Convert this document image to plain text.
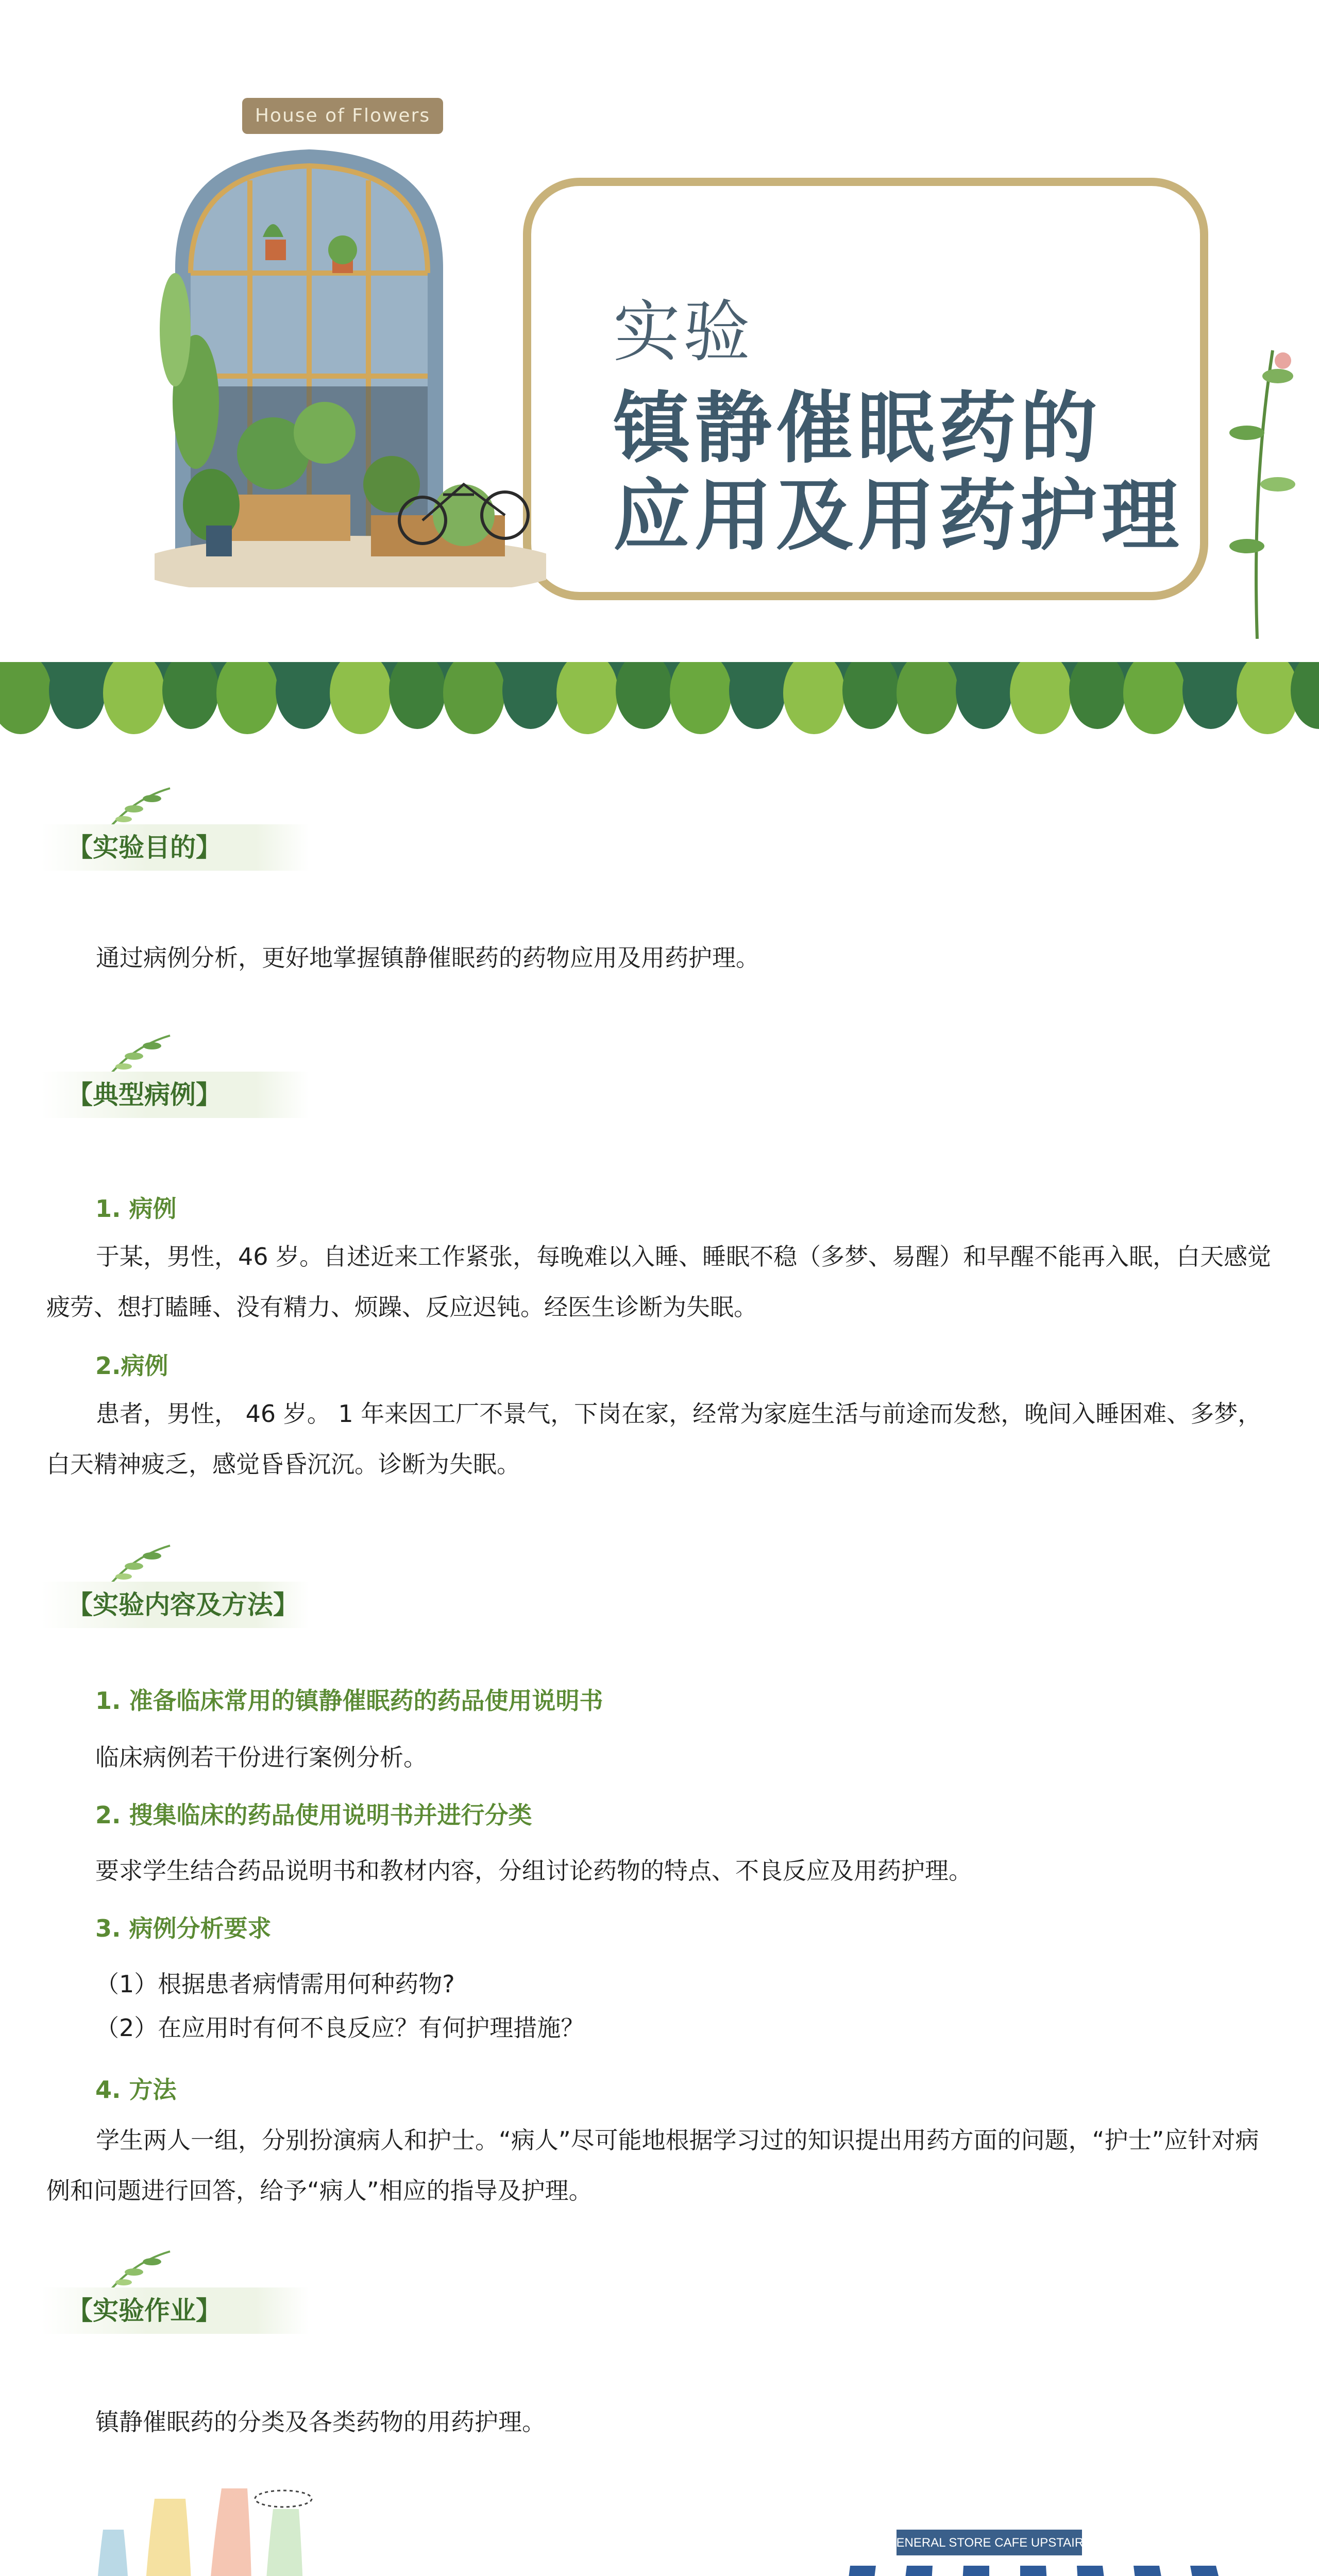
House of Flowers
实验
镇静催眠药的
应用及用药护理
【实验目的】
通过病例分析，更好地掌握镇静催眠药的药物应用及用药护理。
【典型病例】
1. 病例
于某，男性，46 岁。自述近来工作紧张，每晚难以入睡、睡眠不稳（多梦、易醒）和早醒不能再入眠，白天感觉疲劳、想打瞌睡、没有精力、烦躁、反应迟钝。经医生诊断为失眠。
2.病例
患者，男性， 46 岁。 1 年来因工厂不景气，下岗在家，经常为家庭生活与前途而发愁，晚间入睡困难、多梦，白天精神疲乏，感觉昏昏沉沉。诊断为失眠。
【实验内容及方法】
1. 准备临床常用的镇静催眠药的药品使用说明书
临床病例若干份进行案例分析。
2. 搜集临床的药品使用说明书并进行分类
要求学生结合药品说明书和教材内容，分组讨论药物的特点、不良反应及用药护理。
3. 病例分析要求
（1）根据患者病情需用何种药物?
（2）在应用时有何不良反应？有何护理措施？
4. 方法
学生两人一组，分别扮演病人和护士。“病人”尽可能地根据学习过的知识提出用药方面的问题，“护士”应针对病例和问题进行回答，给予“病人”相应的指导及护理。
【实验作业】
镇静催眠药的分类及各类药物的用药护理。
GENERAL STORE CAFE UPSTAIRS
